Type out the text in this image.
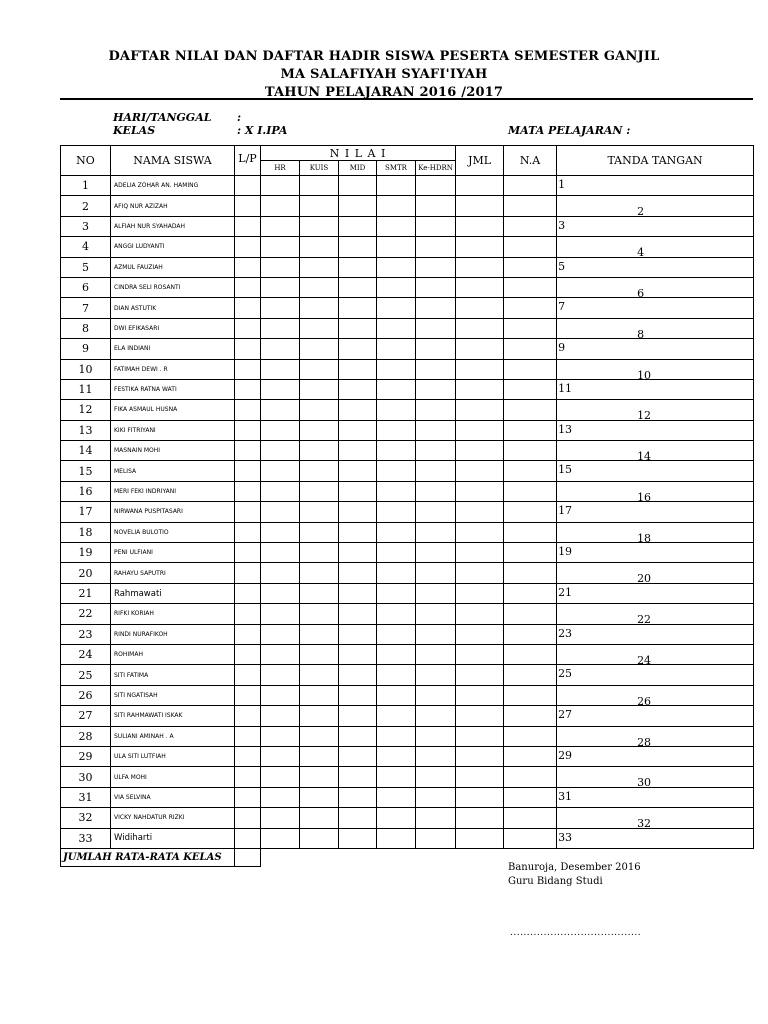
DAFTAR NILAI DAN DAFTAR HADIR SISWA PESERTA SEMESTER GANJIL
MA SALAFIYAH SYAFI'IYAH
TAHUN PELAJARAN 2016 /2017
HARI/TANGGAL :
KELAS	: X I.IPA	MATA PELAJARAN :
NO	NAMA SISWA	L/P	N I L A I					JML	N.A	TANDA TANGAN
			HR	KUIS	MID	SMTR	Ke-HDRN			
1	ADELIA ZOHAR AN. HAMING									1

2	AFIQ NUR AZIZAH									2

3	ALFIAH NUR SYAHADAH									3

4	ANGGI LUDYANTI									4

5	AZMUL FAUZIAH									5

6	CINDRA SELI ROSANTI									6

7	DIAN ASTUTIK									7

8	DWI EFIKASARI									8

9	ELA INDIANI									9

10	FATIMAH DEWI . R									10

11	FESTIKA RATNA WATI									11

12	FIKA ASMAUL HUSNA									12

13	KIKI FITRIYANI									13

14	MASNAIN MOHI									14

15	MELISA									15

16	MERI FEKI INDRIYANI									16

17	NIRWANA PUSPITASARI									17

18	NOVELIA BULOTIO									18

19	PENI ULFIANI									19

20	RAHAYU SAPUTRI									20

21	Rahmawati									21

22	RIFKI KORIAH									22

23	RINDI NURAFIKOH									23

24	ROHIMAH									24

25	SITI FATIMA									25

26	SITI NGATISAH									26

27	SITI RAHMAWATI ISKAK									27

28	SULIANI AMINAH . A									28

29	ULA SITI LUTFIAH									29

30	ULFA MOHI									30

31	VIA SELVINA									31

32	VICKY NAHDATUR RIZKI									32

33	Widiharti									33

JUMLAH RATA-RATA KELAS										
Banuroja, Desember 2016
Guru Bidang Studi
.......................................
